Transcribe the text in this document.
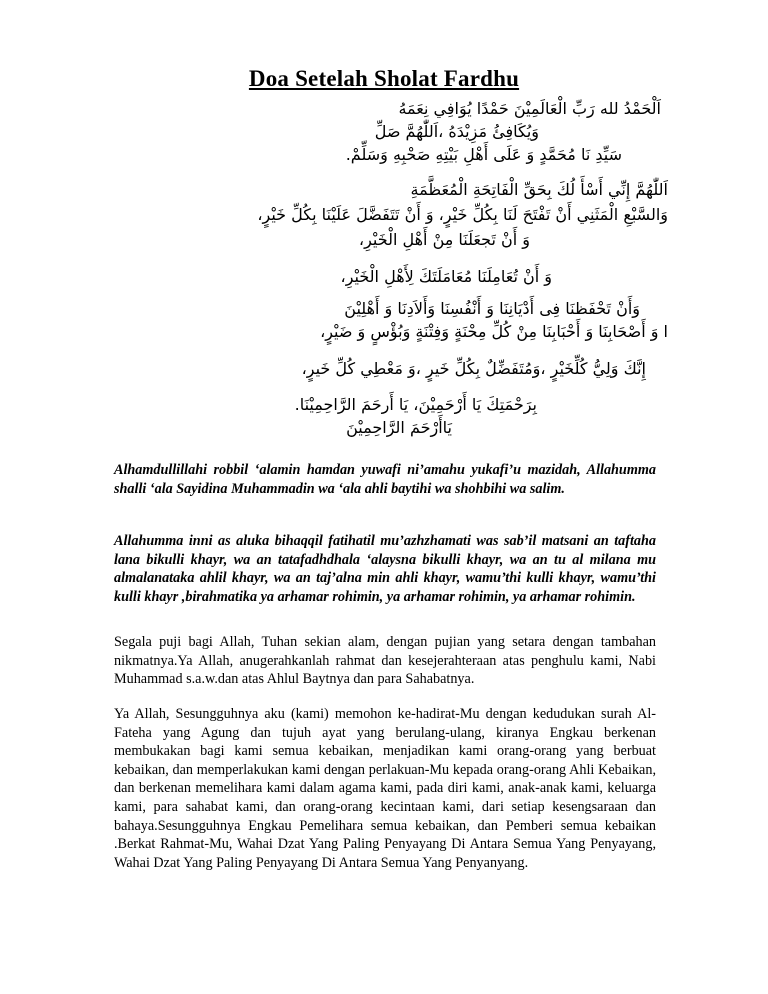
Doa Setelah Sholat Fardhu
اَلْحَمْدُ لله رَبِّ الْعَالَمِيْنَ حَمْدًا يُوَافِي نِعَمَهُ
وَيُكَافِئُ مَزِيْدَهُ ،اَللّٰهُمَّ صَلِّ
سَيِّدِ نَا مُحَمَّدٍ وَ عَلَى أَهْلِ بَيْتِهِ صَحْبِهِ وَسَلِّمْ.
اَللّٰهُمَّ إِنِّي أَسْأَ لُكَ بِحَقِّ الْفَاتِحَةِ الْمُعَظَّمَةِ
وَالسَّبْعِ الْمَثَنِي أَنْ تَفْتَحَ لَنَا بِكُلِّ خَيْرٍ، وَ أَنْ تَتَفَضَّلَ عَلَيْنَا بِكُلِّ خَيْرٍ،
وَ أَنْ تَجعَلَنَا مِنْ أَهْلِ الْخَيْرِ،
وَ أَنْ تُعَامِلَنَا مُعَامَلَتَكَ لِأَهْلِ الْخَيْرِ،
وَأَنْ تَحْفَظنَا فِى أَدْيَانِنَا وَ أَنْفُسِنَا وَأَلاَدِنَا وَ أَهْلِيْنَ
ا وَ أَصْحَابِنَا وَ أَحْبَابِنَا مِنْ كُلِّ مِحْنَةٍ وَفِتْنَةٍ وَبُؤْسٍ وَ ضَيْرٍ،
إِنَّكَ وَلِيُّ كُلِّخَيْرٍ ،وَمُتَفَضِّلٌ بِكُلِّ خَيرٍ ،وَ مَعْطِي كُلِّ خَيرٍ،
بِرَحْمَتِكَ يَا أَرْحَمِيْنَ، يَا أَرحَمَ الرَّاحِمِيْنَا.
يَاأَرْحَمَ الرَّاحِمِيْنَ
Alhamdullillahi robbil ‘alamin hamdan yuwafi ni’amahu yukafi’u mazidah, Allahumma shalli ‘ala Sayidina Muhammadin wa ‘ala ahli baytihi wa shohbihi wa salim.
Allahumma inni as aluka bihaqqil fatihatil mu’azhzhamati was sab’il matsani an taftaha lana bikulli khayr, wa an tatafadhdhala ‘alaysna bikulli khayr, wa an tu al milana mu almalanataka ahlil khayr, wa an taj’alna min ahli khayr, wamu’thi kulli khayr, wamu’thi kulli khayr ,birahmatika ya arhamar rohimin, ya arhamar rohimin, ya arhamar rohimin.
Segala puji bagi Allah, Tuhan sekian alam, dengan pujian yang setara dengan tambahan nikmatnya.Ya Allah, anugerahkanlah rahmat dan kesejerahteraan atas penghulu kami, Nabi Muhammad s.a.w.dan atas Ahlul Baytnya dan para Sahabatnya.
Ya Allah, Sesungguhnya aku (kami) memohon ke-hadirat-Mu dengan kedudukan surah Al-Fateha yang Agung dan tujuh ayat yang berulang-ulang, kiranya Engkau berkenan membukakan bagi kami semua kebaikan, menjadikan kami orang-orang yang berbuat kebaikan, dan memperlakukan kami dengan perlakuan-Mu kepada orang-orang Ahli Kebaikan, dan berkenan memelihara kami dalam agama kami, pada diri kami, anak-anak kami, keluarga kami, para sahabat kami, dan orang-orang kecintaan kami, dari setiap kesengsaraan dan bahaya.Sesungguhnya Engkau Pemelihara semua kebaikan, dan Pemberi semua kebaikan .Berkat Rahmat-Mu, Wahai Dzat Yang Paling Penyayang Di Antara Semua Yang Penyayang, Wahai Dzat Yang Paling Penyayang Di Antara Semua Yang Penyanyang.
